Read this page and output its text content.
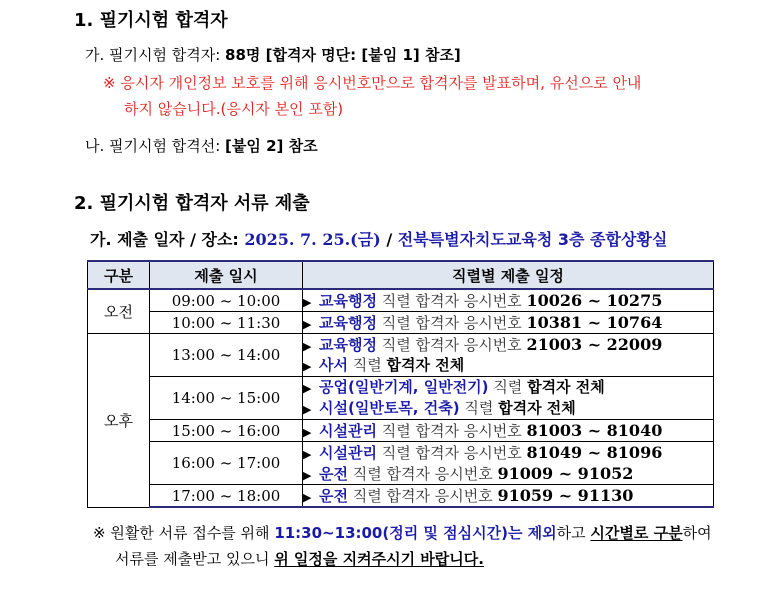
1. 필기시험 합격자
가. 필기시험 합격자: 88명 [합격자 명단: [붙임 1] 참조]
※ 응시자 개인정보 보호를 위해 응시번호만으로 합격자를 발표하며, 유선으로 안내
하지 않습니다.(응시자 본인 포함)
나. 필기시험 합격선: [붙임 2] 참조
2. 필기시험 합격자 서류 제출
가. 제출 일자 / 장소: 2025. 7. 25.(금) / 전북특별자치도교육청 3층 종합상황실
구분	제출 일시	직렬별 제출 일정
오전	09:00 ~ 10:00	▶ 교육행정 직렬 합격자 응시번호 10026 ~ 10275

	10:00 ~ 11:30	▶ 교육행정 직렬 합격자 응시번호 10381 ~ 10764

오후	13:00 ~ 14:00	▶ 교육행정 직렬 합격자 응시번호 21003 ~ 22009
▶ 사서 직렬 합격자 전체

	14:00 ~ 15:00	▶ 공업(일반기계, 일반전기) 직렬 합격자 전체
▶ 시설(일반토목, 건축) 직렬 합격자 전체

	15:00 ~ 16:00	▶ 시설관리 직렬 합격자 응시번호 81003 ~ 81040

	16:00 ~ 17:00	▶ 시설관리 직렬 합격자 응시번호 81049 ~ 81096
▶ 운전 직렬 합격자 응시번호 91009 ~ 91052

	17:00 ~ 18:00	▶ 운전 직렬 합격자 응시번호 91059 ~ 91130
※ 원활한 서류 접수를 위해 11:30~13:00(정리 및 점심시간)는 제외하고 시간별로 구분하여
서류를 제출받고 있으니 위 일정을 지켜주시기 바랍니다.
